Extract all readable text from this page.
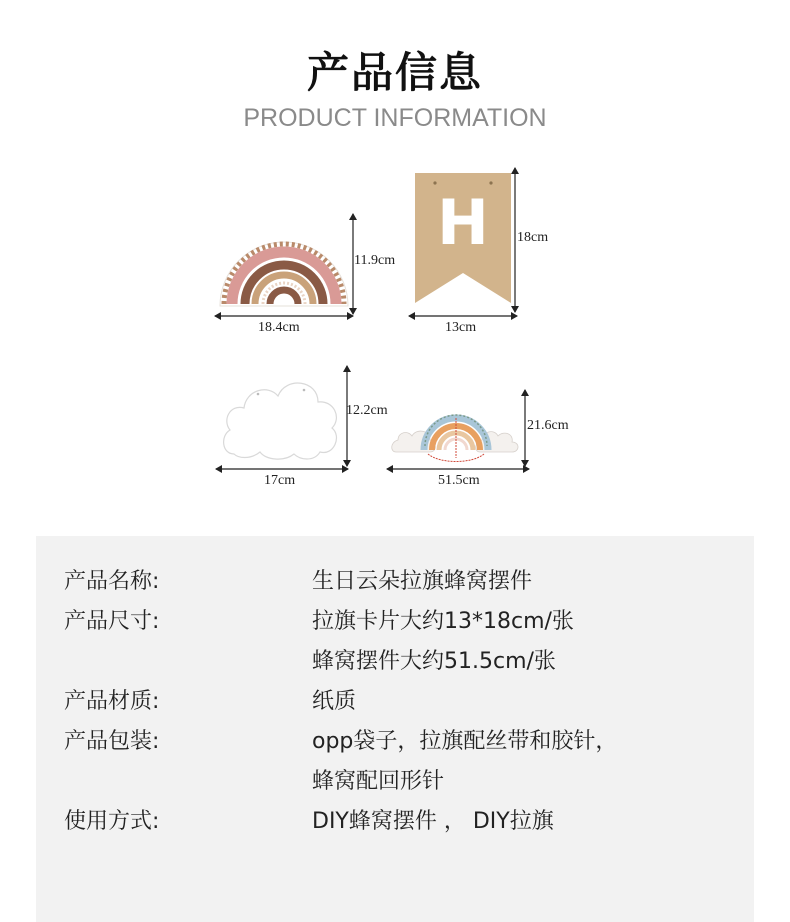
产品信息
PRODUCT INFORMATION
11.9cm
18.4cm
H	18cm
13cm
12.2cm
17cm
21.6cm
51.5cm
产品名称:	生日云朵拉旗蜂窝摆件
产品尺寸:	拉旗卡片大约13*18cm/张
蜂窝摆件大约51.5cm/张
产品材质:	纸质
产品包装:	opp袋子，拉旗配丝带和胶针，
蜂窝配回形针
使用方式:	DIY蜂窝摆件 ， DIY拉旗
